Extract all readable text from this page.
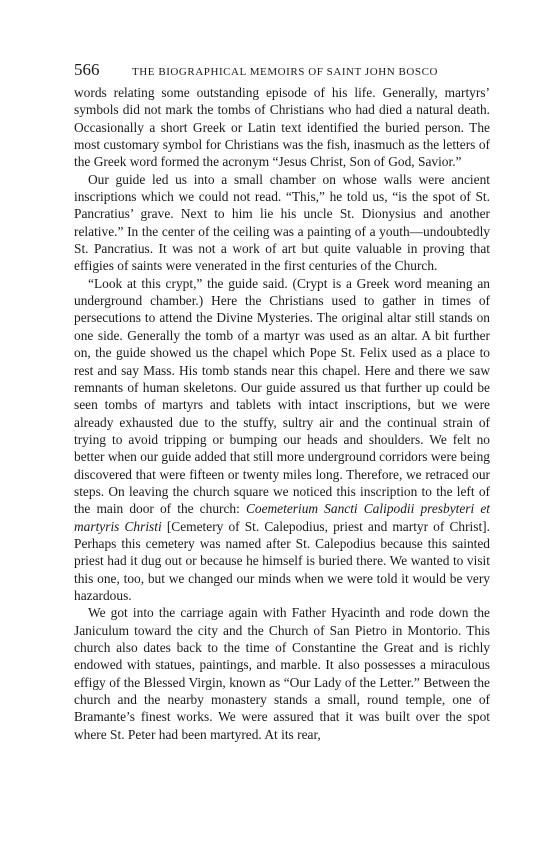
566	THE BIOGRAPHICAL MEMOIRS OF SAINT JOHN BOSCO

words relating some outstanding episode of his life. Generally, martyrs’ symbols did not mark the tombs of Christians who had died a natural death. Occasionally a short Greek or Latin text identified the buried person. The most customary symbol for Christians was the fish, inasmuch as the letters of the Greek word formed the acronym “Jesus Christ, Son of God, Savior.”

Our guide led us into a small chamber on whose walls were ancient inscriptions which we could not read. “This,” he told us, “is the spot of St. Pancratius’ grave. Next to him lie his uncle St. Dionysius and another relative.” In the center of the ceiling was a painting of a youth—undoubtedly St. Pancratius. It was not a work of art but quite valuable in proving that effigies of saints were venerated in the first centuries of the Church.

“Look at this crypt,” the guide said. (Crypt is a Greek word meaning an underground chamber.) Here the Christians used to gather in times of persecutions to attend the Divine Mysteries. The original altar still stands on one side. Generally the tomb of a martyr was used as an altar. A bit further on, the guide showed us the chapel which Pope St. Felix used as a place to rest and say Mass. His tomb stands near this chapel. Here and there we saw remnants of human skeletons. Our guide assured us that further up could be seen tombs of martyrs and tablets with intact inscriptions, but we were already exhausted due to the stuffy, sultry air and the continual strain of trying to avoid tripping or bumping our heads and shoulders. We felt no better when our guide added that still more underground corridors were being discovered that were fifteen or twenty miles long. Therefore, we retraced our steps. On leaving the church square we noticed this inscription to the left of the main door of the church: Coemeterium Sancti Calipodii presbyteri et martyris Christi [Cemetery of St. Calepodius, priest and martyr of Christ]. Perhaps this cemetery was named after St. Calepodius because this sainted priest had it dug out or because he himself is buried there. We wanted to visit this one, too, but we changed our minds when we were told it would be very hazardous.

We got into the carriage again with Father Hyacinth and rode down the Janiculum toward the city and the Church of San Pietro in Montorio. This church also dates back to the time of Constantine the Great and is richly endowed with statues, paintings, and marble. It also possesses a miraculous effigy of the Blessed Virgin, known as “Our Lady of the Letter.” Between the church and the nearby monastery stands a small, round temple, one of Bramante’s finest works. We were assured that it was built over the spot where St. Peter had been martyred. At its rear,
